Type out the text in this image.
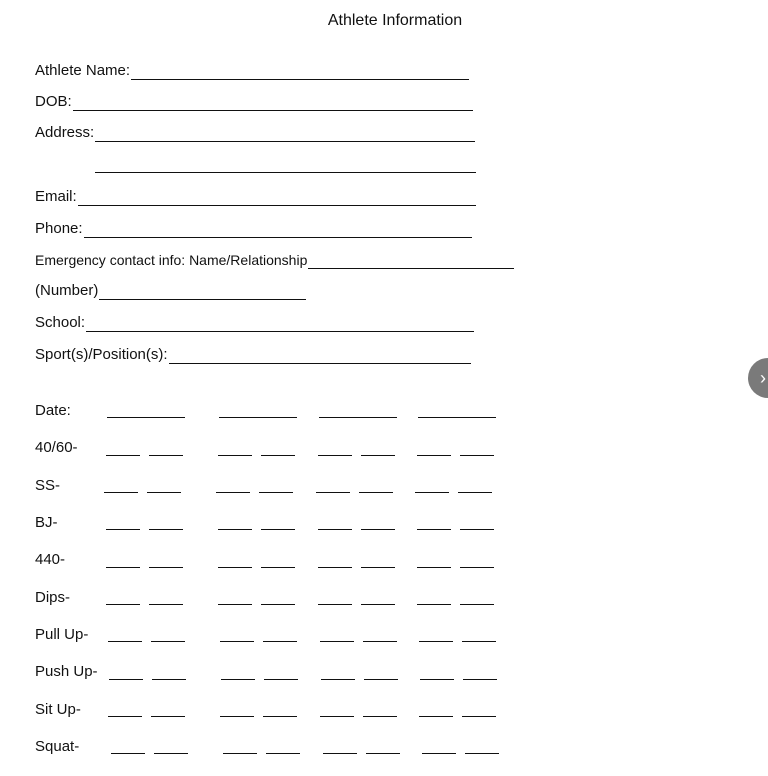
Athlete Information
Athlete Name:
DOB:
Address:
Email:
Phone:
Emergency contact info: Name/Relationship
(Number)
School:
Sport(s)/Position(s):
Date:
40/60-
SS-
BJ-
440-
Dips-
Pull Up-
Push Up-
Sit Up-
Squat-
›
